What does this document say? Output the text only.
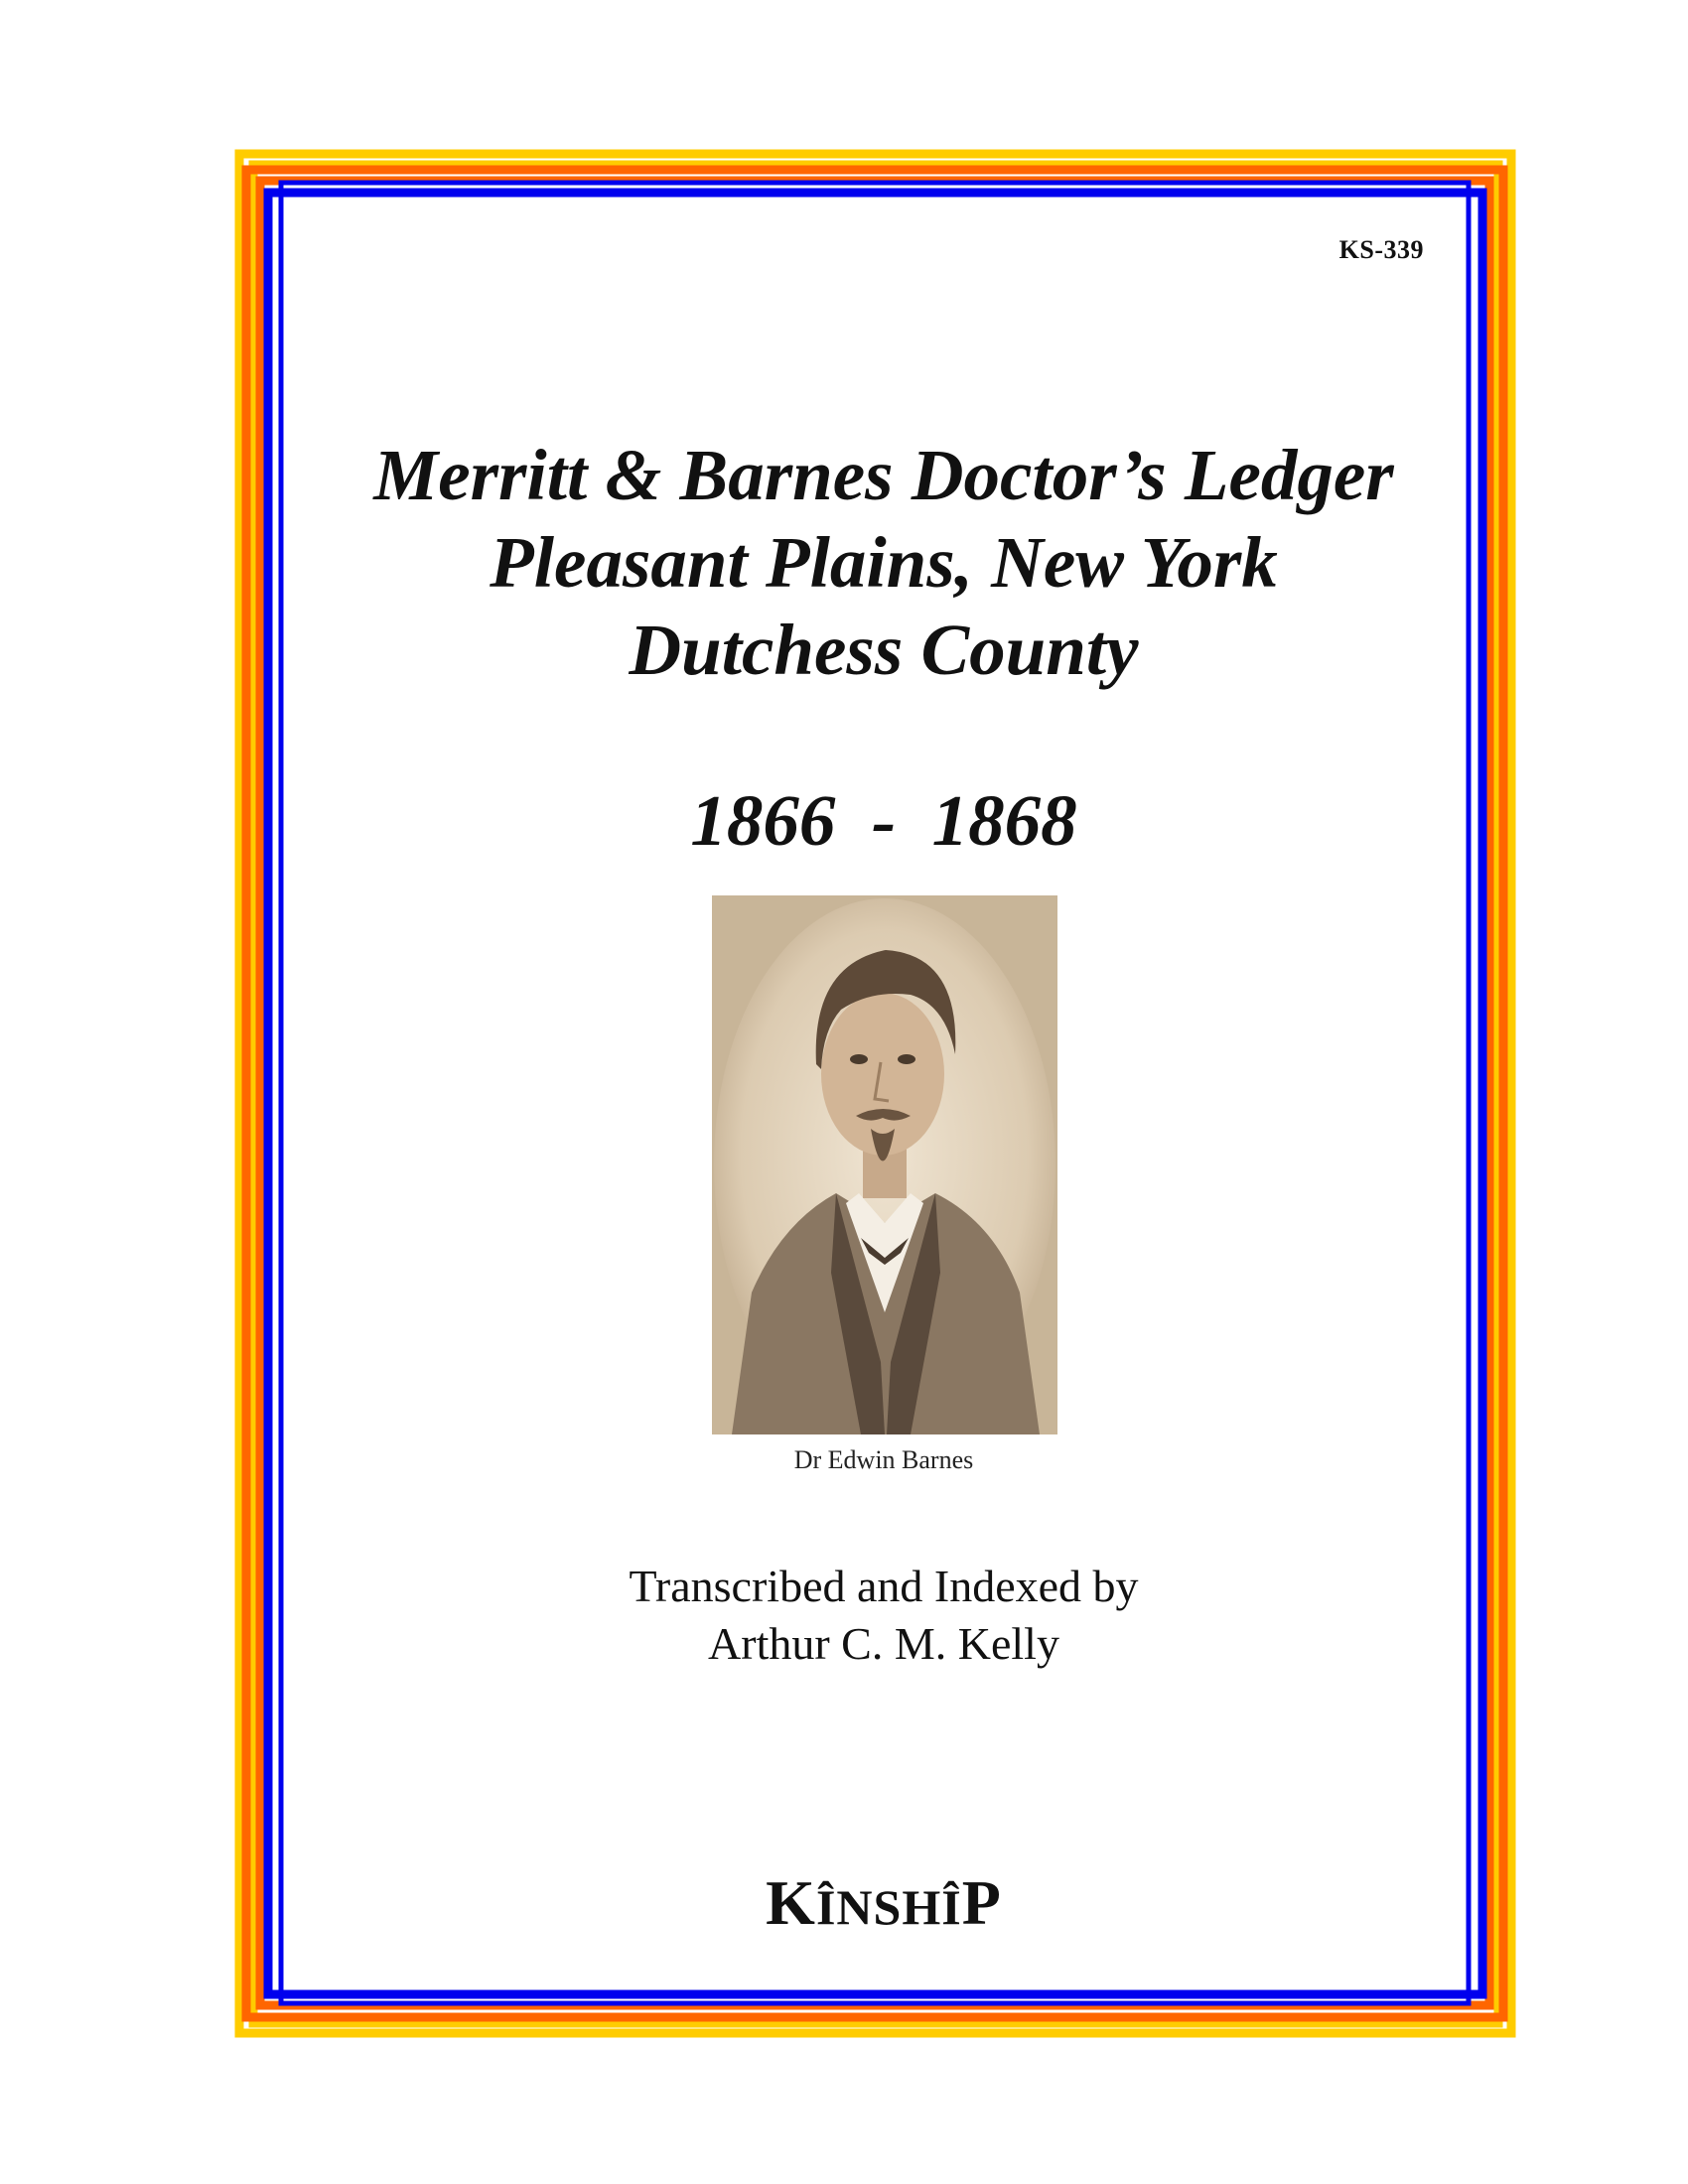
KS-339
Merritt & Barnes Doctor’s Ledger
Pleasant Plains, New York
Dutchess County
1866  -  1868
Dr Edwin Barnes
Transcribed and Indexed by
Arthur C. M. Kelly
KÎNSHÎP
